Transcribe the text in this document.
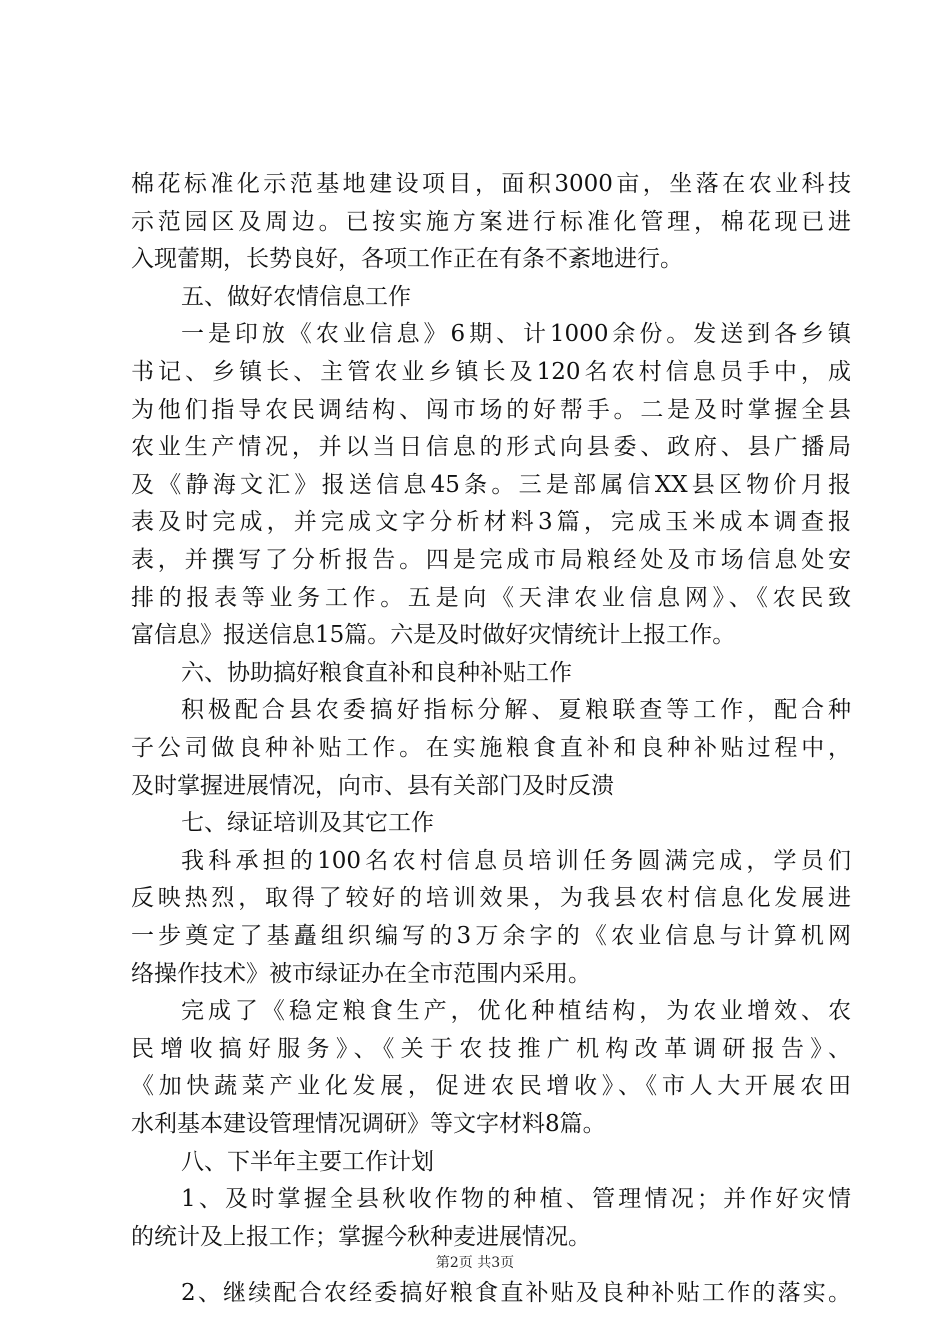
棉花标准化示范基地建设项目，面积3000亩，坐落在农业科技
示范园区及周边。已按实施方案进行标准化管理，棉花现已进
入现蕾期，长势良好，各项工作正在有条不紊地进行。
五、做好农情信息工作
一是印放《农业信息》6期、计1000余份。发送到各乡镇
书记、乡镇长、主管农业乡镇长及120名农村信息员手中，成
为他们指导农民调结构、闯市场的好帮手。二是及时掌握全县
农业生产情况，并以当日信息的形式向县委、政府、县广播局
及《静海文汇》报送信息45条。三是部属信XX县区物价月报
表及时完成，并完成文字分析材料3篇，完成玉米成本调查报
表，并撰写了分析报告。四是完成市局粮经处及市场信息处安
排的报表等业务工作。五是向《天津农业信息网》、《农民致
富信息》报送信息15篇。六是及时做好灾情统计上报工作。
六、协助搞好粮食直补和良种补贴工作
积极配合县农委搞好指标分解、夏粮联查等工作，配合种
子公司做良种补贴工作。在实施粮食直补和良种补贴过程中，
及时掌握进展情况，向市、县有关部门及时反溃
七、绿证培训及其它工作
我科承担的100名农村信息员培训任务圆满完成，学员们
反映热烈，取得了较好的培训效果，为我县农村信息化发展进
一步奠定了基矗组织编写的3万余字的《农业信息与计算机网
络操作技术》被市绿证办在全市范围内采用。
完成了《稳定粮食生产，优化种植结构，为农业增效、农
民增收搞好服务》、《关于农技推广机构改革调研报告》、
《加快蔬菜产业化发展，促进农民增收》、《市人大开展农田
水利基本建设管理情况调研》等文字材料8篇。
八、下半年主要工作计划
1、及时掌握全县秋收作物的种植、管理情况；并作好灾情
的统计及上报工作；掌握今秋种麦进展情况。
2、继续配合农经委搞好粮食直补贴及良种补贴工作的落实。
第2页 共3页
